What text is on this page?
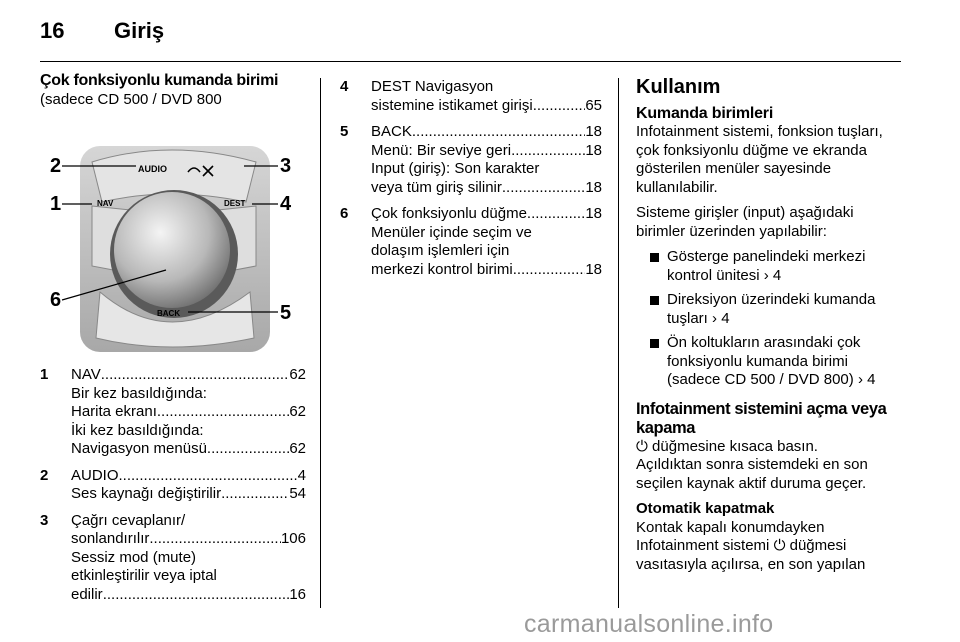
16 Giriş
Çok fonksiyonlu kumanda birimi
(sadece CD 500 / DVD 800
AUDIO
NAV	DEST
BACK
2
1
3
4
6
5
1	NAV .....	62
Bir kez basıldığında:
Harita ekranı .....	62
İki kez basıldığında:
Navigasyon menüsü .....	62
2	AUDIO .....	4
Ses kaynağı değiştirilir .....	54
3	Çağrı cevaplanır/
sonlandırılır .....	106
Sessiz mod (mute)
etkinleştirilir veya iptal
edilir .....	16
4	DEST Navigasyon
sistemine istikamet girişi .....	65
5	BACK .....	18
Menü: Bir seviye geri .....	18
Input (giriş): Son karakter
veya tüm giriş silinir .....	18
6	Çok fonksiyonlu düğme .....	18
Menüler içinde seçim ve
dolaşım işlemleri için
merkezi kontrol birimi .....	18
Kullanım
Kumanda birimleri

Infotainment sistemi, fonksion tuşları,
çok fonksiyonlu düğme ve ekranda
gösterilen menüler sayesinde
kullanılabilir.

Sisteme girişler (input) aşağıdaki
birimler üzerinden yapılabilir:

Gösterge panelindeki merkezi
kontrol ünitesi › 4
Direksiyon üzerindeki kumanda
tuşları › 4
Ön koltukların arasındaki çok
fonksiyonlu kumanda birimi
(sadece CD 500 / DVD 800) › 4
Infotainment sistemini açma veya
kapama

⏻ düğmesine kısaca basın.
Açıldıktan sonra sistemdeki en son
seçilen kaynak aktif duruma geçer.

Otomatik kapatmak

Kontak kapalı konumdayken
Infotainment sistemi ⏻ düğmesi
vasıtasıyla açılırsa, en son yapılan

carmanualsonline.info
